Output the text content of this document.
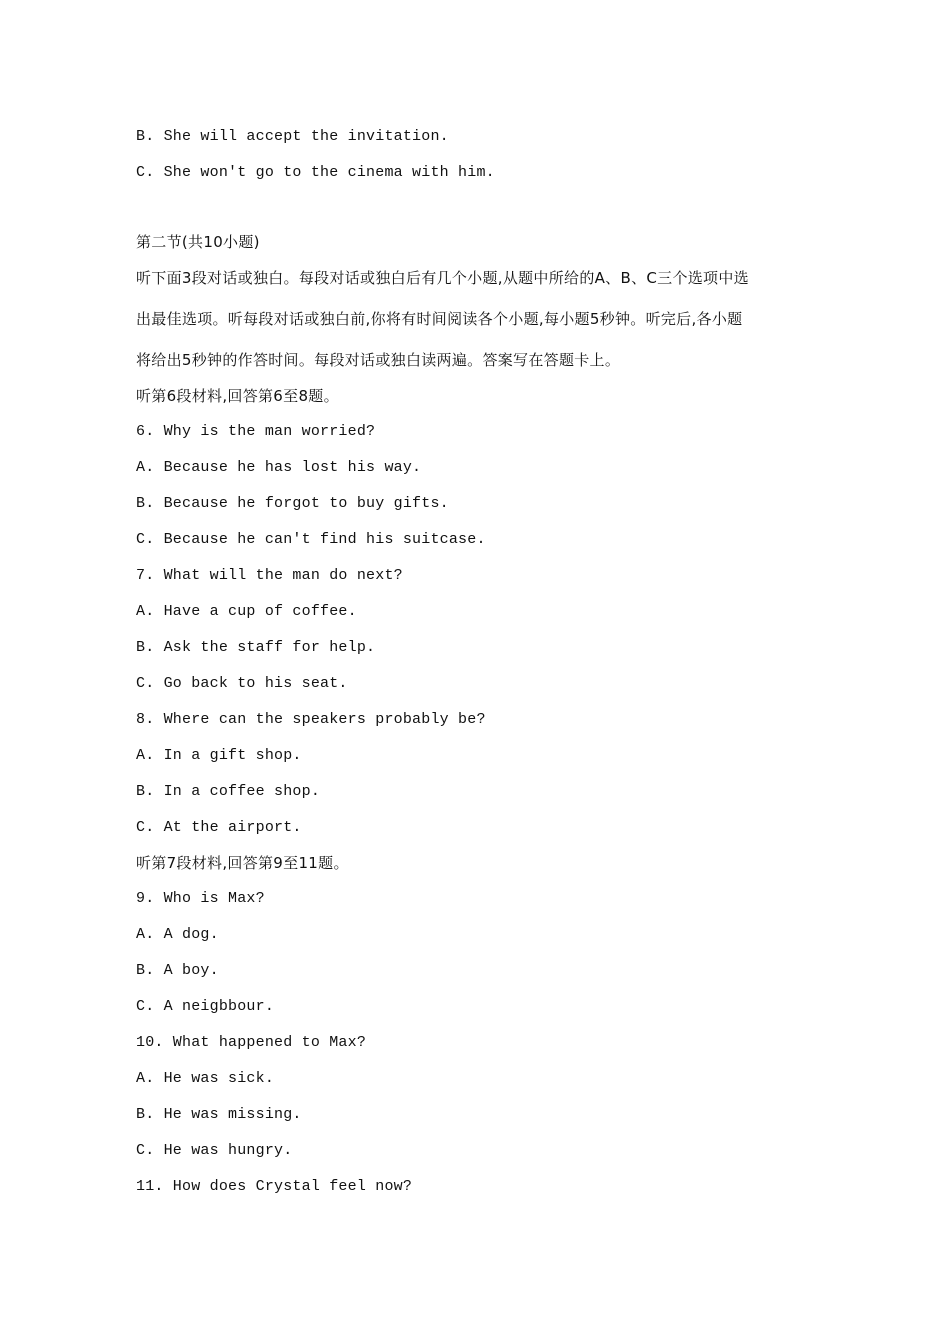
B. She will accept the invitation.
C. She won't go to the cinema with him.
第二节(共10小题)
听下面3段对话或独白。每段对话或独白后有几个小题,从题中所给的A、B、C三个选项中选
出最佳选项。听每段对话或独白前,你将有时间阅读各个小题,每小题5秒钟。听完后,各小题
将给出5秒钟的作答时间。每段对话或独白读两遍。答案写在答题卡上。
听第6段材料,回答第6至8题。
6. Why is the man worried?
A. Because he has lost his way.
B. Because he forgot to buy gifts.
C. Because he can't find his suitcase.
7. What will the man do next?
A. Have a cup of coffee.
B. Ask the staff for help.
C. Go back to his seat.
8. Where can the speakers probably be?
A. In a gift shop.
B. In a coffee shop.
C. At the airport.
听第7段材料,回答第9至11题。
9. Who is Max?
A. A dog.
B. A boy.
C. A neigbbour.
10. What happened to Max?
A. He was sick.
B. He was missing.
C. He was hungry.
11. How does Crystal feel now?
